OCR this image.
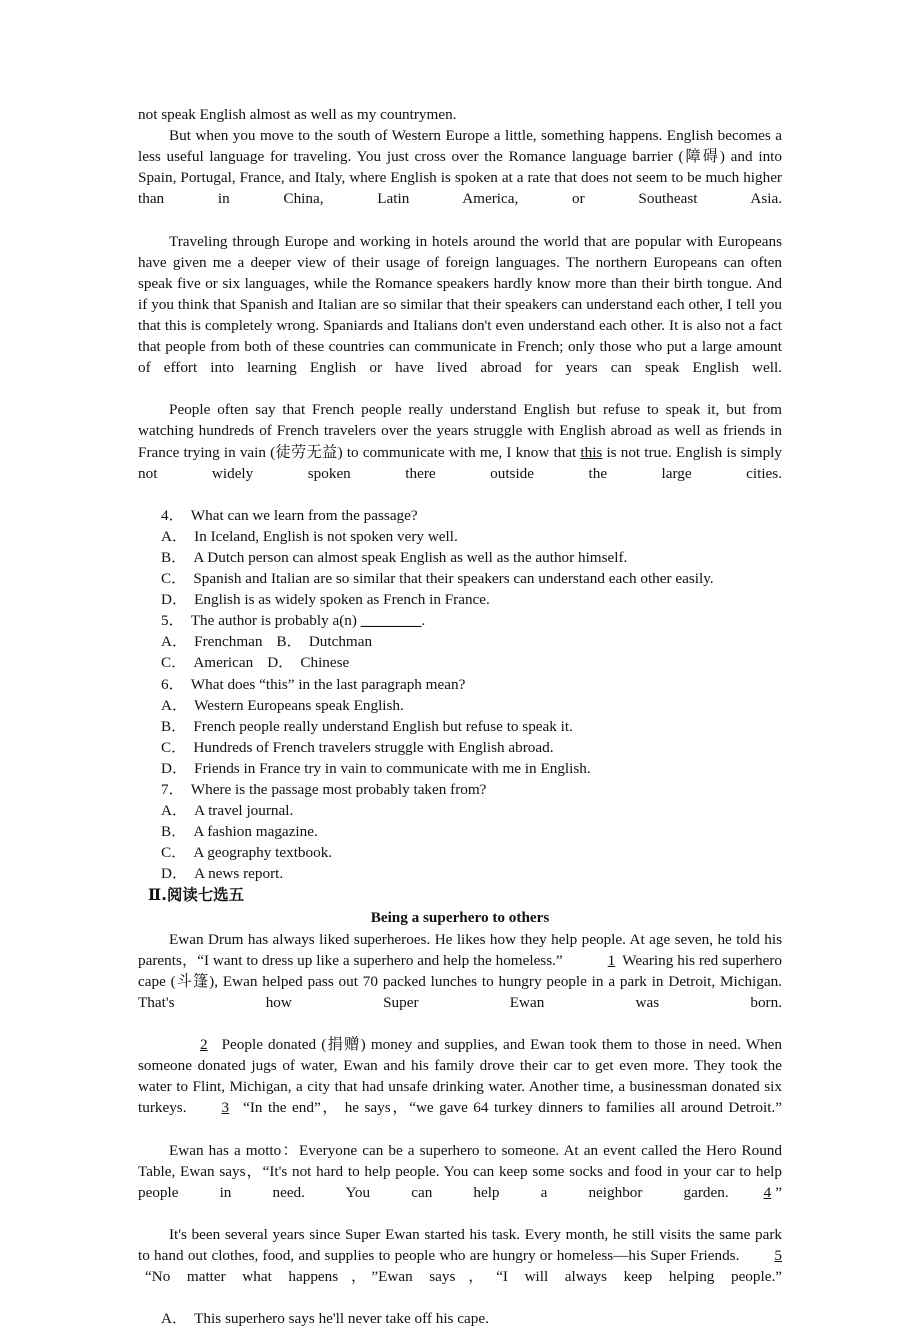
not speak English almost as well as my countrymen.

But when you move to the south of Western Europe a little, something happens. English becomes a less useful language for traveling. You just cross over the Romance language barrier (障碍) and into Spain, Portugal, France, and Italy, where English is spoken at a rate that does not seem to be much higher than in China, Latin America, or Southeast Asia.

Traveling through Europe and working in hotels around the world that are popular with Europeans have given me a deeper view of their usage of foreign languages. The northern Europeans can often speak five or six languages, while the Romance speakers hardly know more than their birth tongue. And if you think that Spanish and Italian are so similar that their speakers can understand each other, I tell you that this is completely wrong. Spaniards and Italians don't even understand each other. It is also not a fact that people from both of these countries can communicate in French; only those who put a large amount of effort into learning English or have lived abroad for years can speak English well.

People often say that French people really understand English but refuse to speak it, but from watching hundreds of French travelers over the years struggle with English abroad as well as friends in France trying in vain (徒劳无益) to communicate with me, I know that this is not true. English is simply not widely spoken there outside the large cities.

4． What can we learn from the passage?

A． In Iceland, English is not spoken very well.

B． A Dutch person can almost speak English as well as the author himself.

C． Spanish and Italian are so similar that their speakers can understand each other easily.

D． English is as widely spoken as French in France.

5． The author is probably a(n) ________.

A． Frenchman B． Dutchman

C． American D． Chinese

6． What does “this” in the last paragraph mean?

A． Western Europeans speak English.

B． French people really understand English but refuse to speak it.

C． Hundreds of French travelers struggle with English abroad.

D． Friends in France try in vain to communicate with me in English.

7． Where is the passage most probably taken from?

A． A travel journal.

B． A fashion magazine.

C． A geography textbook.

D． A news report.

Ⅱ.阅读七选五

Being a superhero to others

Ewan Drum has always liked superheroes. He likes how they help people. At age seven, he told his parents，“I want to dress up like a superhero and help the homeless.”	1 Wearing his red superhero cape (斗篷), Ewan helped pass out 70 packed lunches to hungry people in a park in Detroit, Michigan. That's how Super Ewan was born.

2 People donated (捐赠) money and supplies, and Ewan took them to those in need. When someone donated jugs of water, Ewan and his family drove their car to get even more. They took the water to Flint, Michigan, a city that had unsafe drinking water. Another time, a businessman donated six turkeys. 3 “In the end”， he says，“we gave 64 turkey dinners to families all around Detroit.”

Ewan has a motto：Everyone can be a superhero to someone. At an event called the Hero Round Table, Ewan says，“It's not hard to help people. You can keep some socks and food in your car to help people in need. You can help a neighbor garden. 4 ”

It's been several years since Super Ewan started his task. Every month, he still visits the same park to hand out clothes, food, and supplies to people who are hungry or homeless—his Super Friends. 5“No matter what happens，”Ewan says，“I will always keep helping people.”

A． This superhero says he'll never take off his cape.
